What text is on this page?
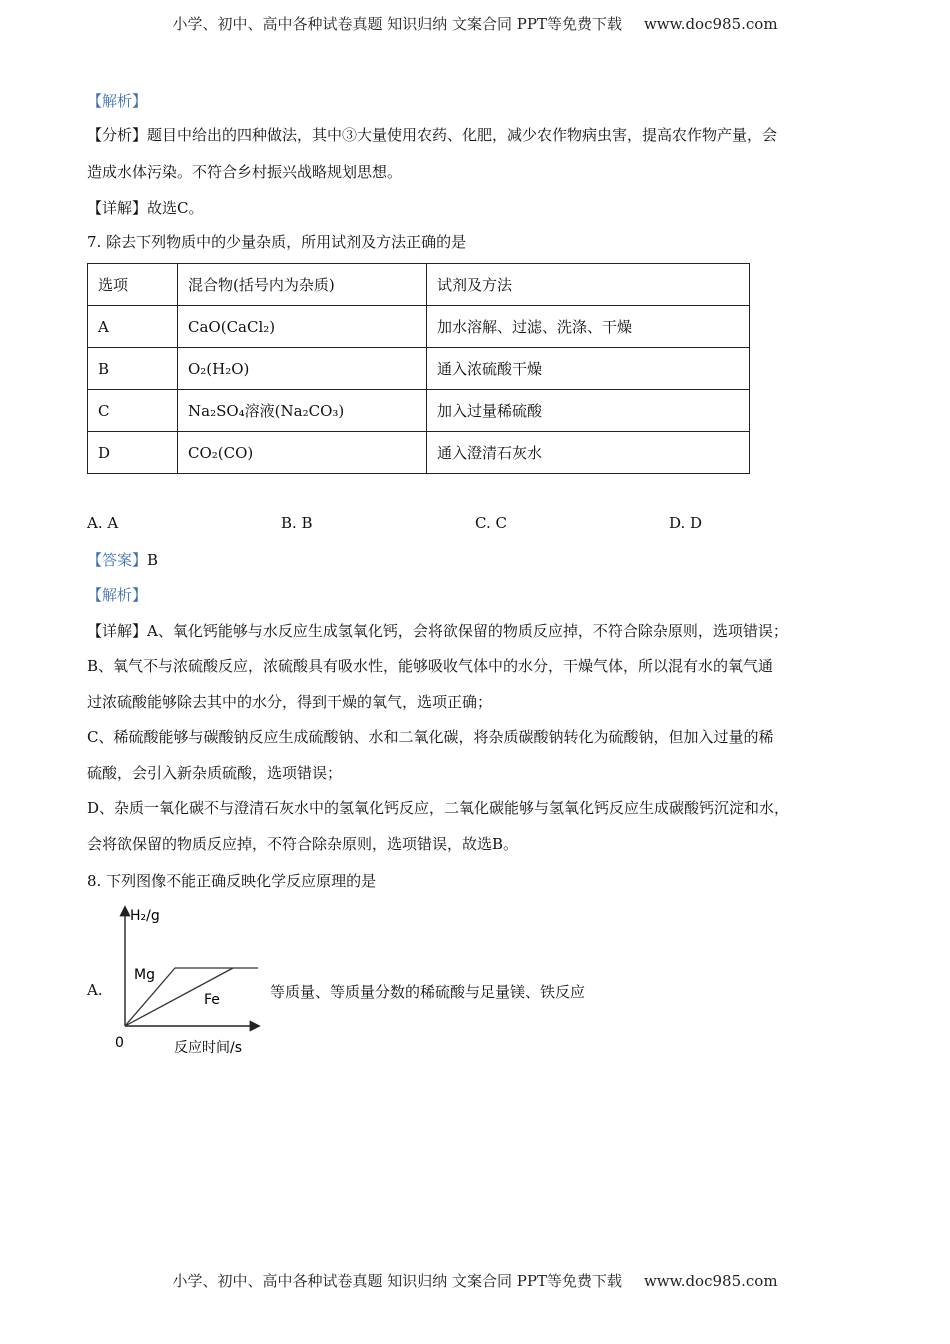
小学、初中、高中各种试卷真题 知识归纳 文案合同 PPT等免费下载 www.doc985.com
【解析】
【分析】题目中给出的四种做法，其中③大量使用农药、化肥，减少农作物病虫害，提高农作物产量，会
造成水体污染。不符合乡村振兴战略规划思想。
【详解】故选C。
7. 除去下列物质中的少量杂质，所用试剂及方法正确的是
选项	混合物(括号内为杂质)	试剂及方法
A	CaO(CaCl₂)	加水溶解、过滤、洗涤、干燥
B	O₂(H₂O)	通入浓硫酸干燥
C	Na₂SO₄溶液(Na₂CO₃)	加入过量稀硫酸
D	CO₂(CO)	通入澄清石灰水
A. A	B. B	C. C	D. D
【答案】B
【解析】
【详解】A、氧化钙能够与水反应生成氢氧化钙，会将欲保留的物质反应掉，不符合除杂原则，选项错误；
B、氧气不与浓硫酸反应，浓硫酸具有吸水性，能够吸收气体中的水分，干燥气体，所以混有水的氧气通
过浓硫酸能够除去其中的水分，得到干燥的氧气，选项正确；
C、稀硫酸能够与碳酸钠反应生成硫酸钠、水和二氧化碳，将杂质碳酸钠转化为硫酸钠，但加入过量的稀
硫酸，会引入新杂质硫酸，选项错误；
D、杂质一氧化碳不与澄清石灰水中的氢氧化钙反应，二氧化碳能够与氢氧化钙反应生成碳酸钙沉淀和水，
会将欲保留的物质反应掉，不符合除杂原则，选项错误，故选B。
8. 下列图像不能正确反映化学反应原理的是
A.
H₂/g
Mg
Fe
0	反应时间/s
等质量、等质量分数的稀硫酸与足量镁、铁反应
小学、初中、高中各种试卷真题 知识归纳 文案合同 PPT等免费下载 www.doc985.com
